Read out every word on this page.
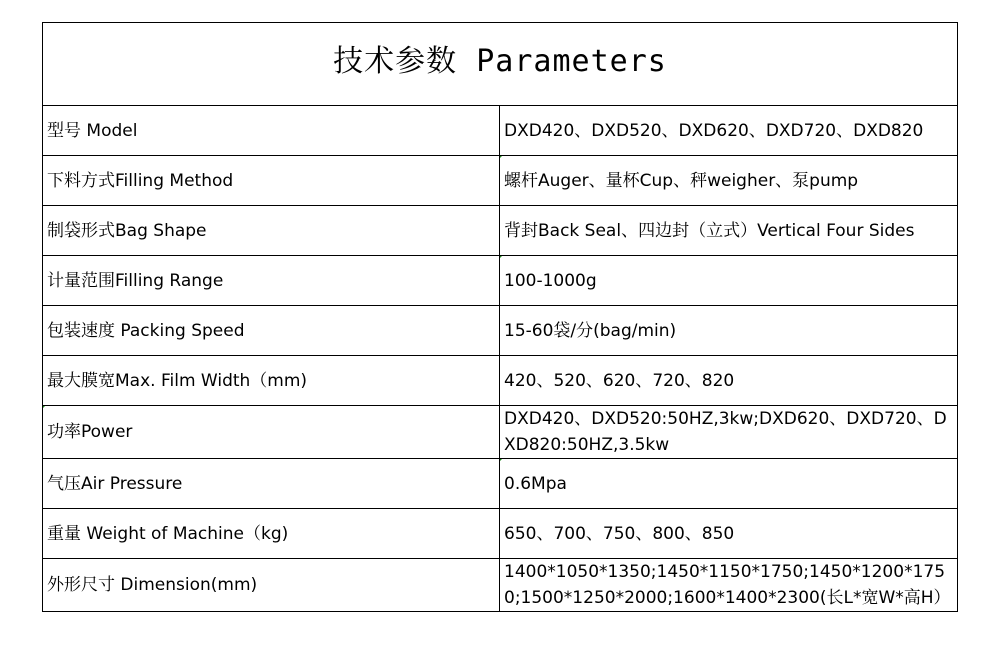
技术参数 Parameters	
型号 Model	DXD420、DXD520、DXD620、DXD720、DXD820
下料方式Filling Method	螺杆Auger、量杯Cup、秤weigher、泵pump
制袋形式Bag Shape	背封Back Seal、四边封（立式）Vertical Four Sides
计量范围Filling Range	100-1000g
包装速度 Packing Speed	15-60袋/分(bag/min)
最大膜宽Max. Film Width（mm)	420、520、620、720、820
功率Power	DXD420、DXD520:50HZ,3kw;DXD620、DXD720、DXD820:50HZ,3.5kw
气压Air Pressure	0.6Mpa
重量 Weight of Machine（kg)	650、700、750、800、850
外形尺寸 Dimension(mm)	1400*1050*1350;1450*1150*1750;1450*1200*1750;1500*1250*2000;1600*1400*2300(长L*宽W*高H）
